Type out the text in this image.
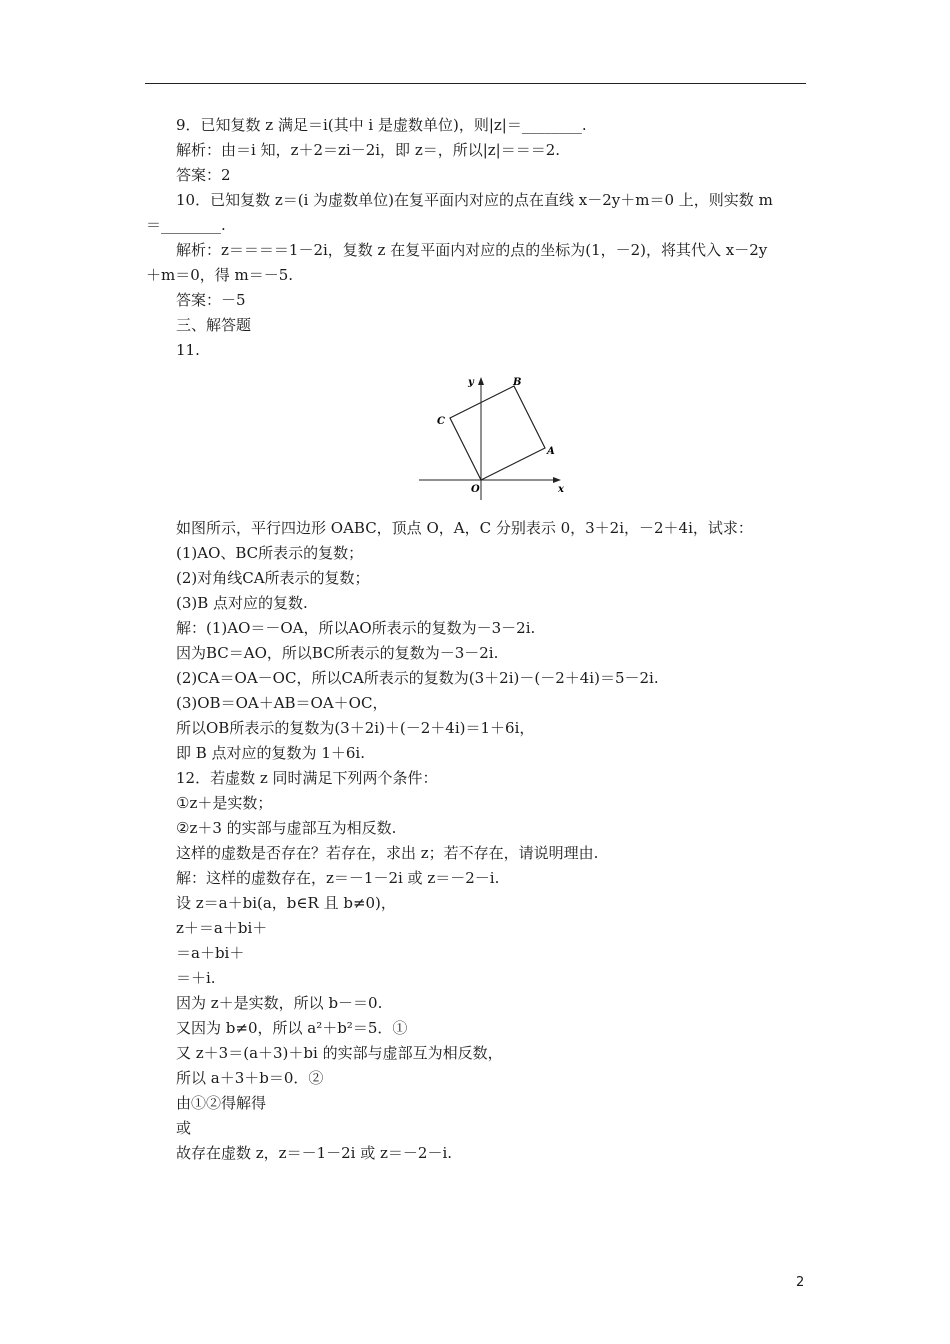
9．已知复数 z 满足＝i(其中 i 是虚数单位)，则|z|＝________.
解析：由＝i 知，z＋2＝zi－2i，即 z＝，所以|z|＝＝＝2.
答案：2
10．已知复数 z＝(i 为虚数单位)在复平面内对应的点在直线 x－2y＋m＝0 上，则实数 m
＝________.
解析：z＝＝＝＝1－2i，复数 z 在复平面内对应的点的坐标为(1，－2)，将其代入 x－2y
＋m＝0，得 m＝－5.
答案：－5
三、解答题
11.
如图所示，平行四边形 OABC，顶点 O，A，C 分别表示 0，3＋2i，－2＋4i，试求：
(1)AO、BC所表示的复数；
(2)对角线CA所表示的复数；
(3)B 点对应的复数.
解：(1)AO＝－OA，所以AO所表示的复数为－3－2i.
因为BC＝AO，所以BC所表示的复数为－3－2i.
(2)CA＝OA－OC，所以CA所表示的复数为(3＋2i)－(－2＋4i)＝5－2i.
(3)OB＝OA＋AB＝OA＋OC，
所以OB所表示的复数为(3＋2i)＋(－2＋4i)＝1＋6i，
即 B 点对应的复数为 1＋6i.
12．若虚数 z 同时满足下列两个条件：
①z＋是实数；
②z＋3 的实部与虚部互为相反数.
这样的虚数是否存在？若存在，求出 z；若不存在，请说明理由.
解：这样的虚数存在，z＝－1－2i 或 z＝－2－i.
设 z＝a＋bi(a，b∈R 且 b≠0)，
z＋＝a＋bi＋
＝a＋bi＋
＝＋i.
因为 z＋是实数，所以 b－＝0.
又因为 b≠0，所以 a²＋b²＝5．①
又 z＋3＝(a＋3)＋bi 的实部与虚部互为相反数，
所以 a＋3＋b＝0．②
由①②得解得
或
故存在虚数 z，z＝－1－2i 或 z＝－2－i.
y	B
C
A
O	x
2
